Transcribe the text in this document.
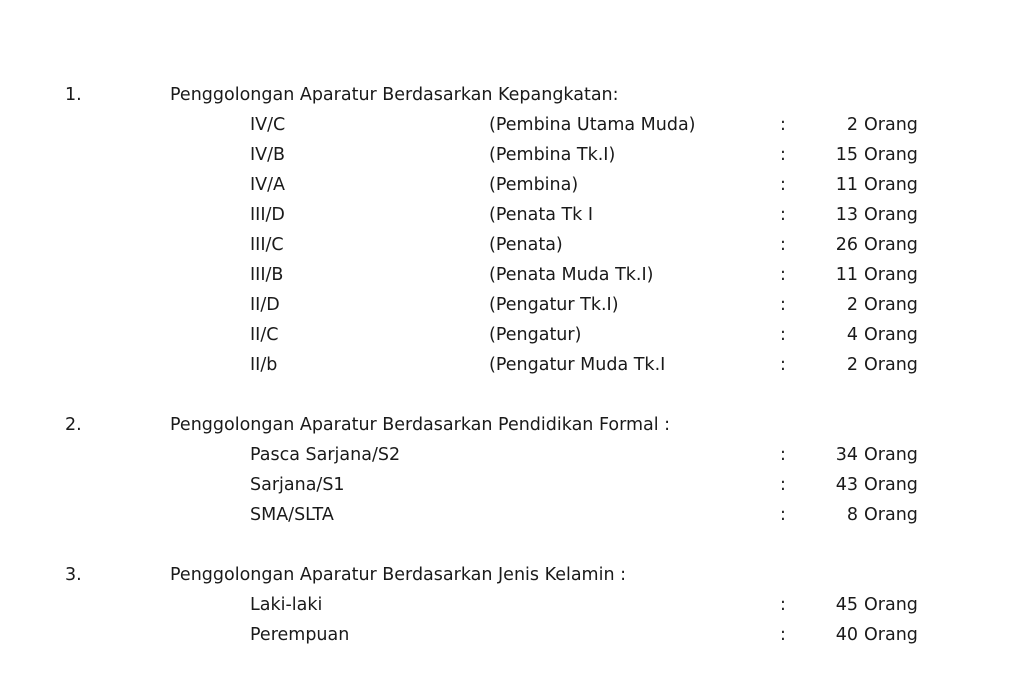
1.	Penggolongan Aparatur Berdasarkan Kepangkatan:
IV/C	(Pembina Utama Muda)	:	2 Orang
IV/B	(Pembina Tk.I)	:	15 Orang
IV/A	(Pembina)	:	11 Orang
III/D	(Penata Tk I	:	13 Orang
III/C	(Penata)	:	26 Orang
III/B	(Penata Muda Tk.I)	:	11 Orang
II/D	(Pengatur Tk.I)	:	2 Orang
II/C	(Pengatur)	:	4 Orang
II/b	(Pengatur Muda Tk.I	:	2 Orang
2.	Penggolongan Aparatur Berdasarkan Pendidikan Formal :
Pasca Sarjana/S2	:	34 Orang
Sarjana/S1	:	43 Orang
SMA/SLTA	:	8 Orang
3.	Penggolongan Aparatur Berdasarkan Jenis Kelamin :
Laki-laki	:	45 Orang
Perempuan	:	40 Orang
